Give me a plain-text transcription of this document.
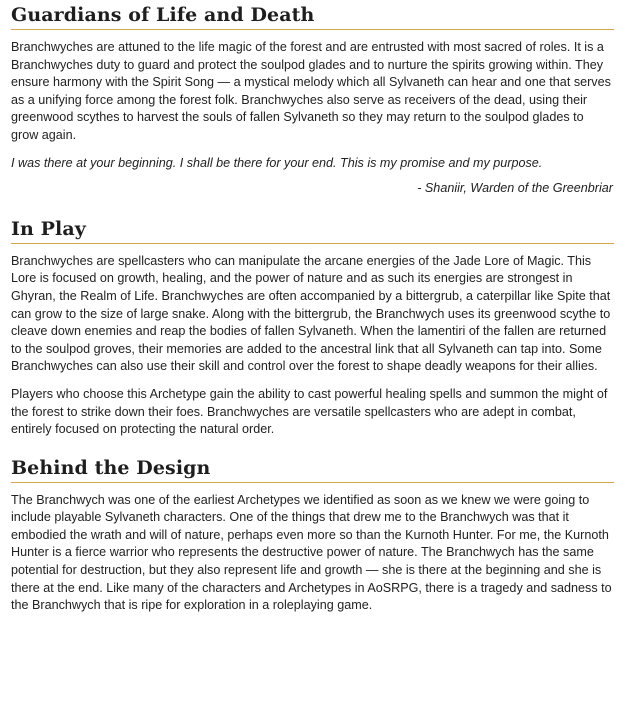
Guardians of Life and Death

Branchwyches are attuned to the life magic of the forest and are entrusted with most sacred of roles. It is a Branchwyches duty to guard and protect the soulpod glades and to nurture the spirits growing within. They ensure harmony with the Spirit Song — a mystical melody which all Sylvaneth can hear and one that serves as a unifying force among the forest folk. Branchwyches also serve as receivers of the dead, using their greenwood scythes to harvest the souls of fallen Sylvaneth so they may return to the soulpod glades to grow again.

I was there at your beginning. I shall be there for your end. This is my promise and my purpose.

- Shaniir, Warden of the Greenbriar

In Play

Branchwyches are spellcasters who can manipulate the arcane energies of the Jade Lore of Magic. This Lore is focused on growth, healing, and the power of nature and as such its energies are strongest in Ghyran, the Realm of Life. Branchwyches are often accompanied by a bittergrub, a caterpillar like Spite that can grow to the size of large snake. Along with the bittergrub, the Branchwych uses its greenwood scythe to cleave down enemies and reap the bodies of fallen Sylvaneth. When the lamentiri of the fallen are returned to the soulpod groves, their memories are added to the ancestral link that all Sylvaneth can tap into. Some Branchwyches can also use their skill and control over the forest to shape deadly weapons for their allies.

Players who choose this Archetype gain the ability to cast powerful healing spells and summon the might of the forest to strike down their foes. Branchwyches are versatile spellcasters who are adept in combat, entirely focused on protecting the natural order.

Behind the Design

The Branchwych was one of the earliest Archetypes we identified as soon as we knew we were going to include playable Sylvaneth characters. One of the things that drew me to the Branchwych was that it embodied the wrath and will of nature, perhaps even more so than the Kurnoth Hunter. For me, the Kurnoth Hunter is a fierce warrior who represents the destructive power of nature. The Branchwych has the same potential for destruction, but they also represent life and growth — she is there at the beginning and she is there at the end. Like many of the characters and Archetypes in AoSRPG, there is a tragedy and sadness to the Branchwych that is ripe for exploration in a roleplaying game.
